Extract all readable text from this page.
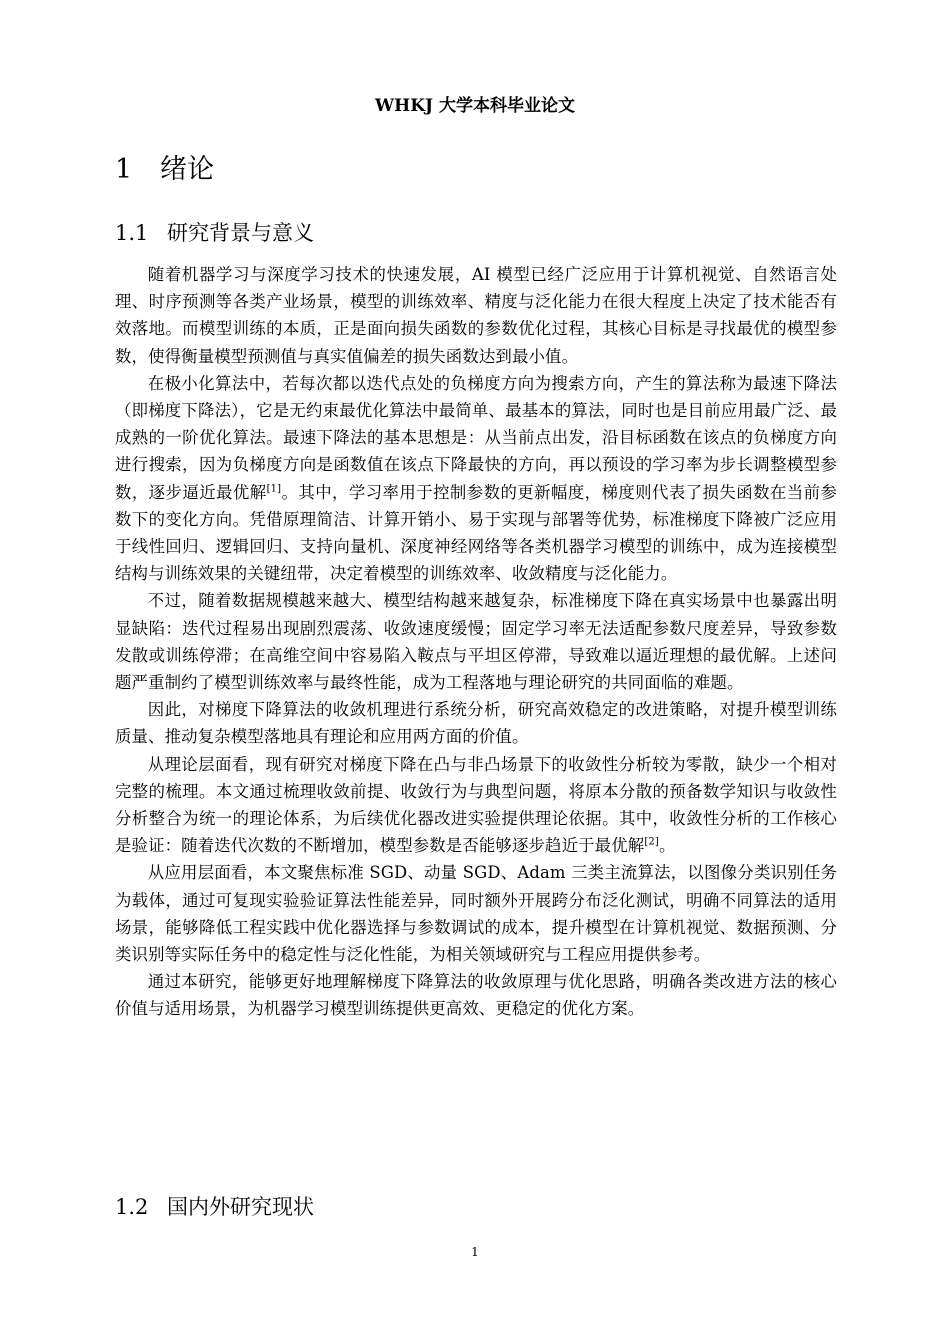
WHKJ 大学本科毕业论文
1 绪论
1.1 研究背景与意义

随着机器学习与深度学习技术的快速发展，AI 模型已经广泛应用于计算机视觉、自然语言处理、时序预测等各类产业场景，模型的训练效率、精度与泛化能力在很大程度上决定了技术能否有效落地。而模型训练的本质，正是面向损失函数的参数优化过程，其核心目标是寻找最优的模型参数，使得衡量模型预测值与真实值偏差的损失函数达到最小值。

在极小化算法中，若每次都以迭代点处的负梯度方向为搜索方向，产生的算法称为最速下降法（即梯度下降法），它是无约束最优化算法中最简单、最基本的算法，同时也是目前应用最广泛、最成熟的一阶优化算法。最速下降法的基本思想是：从当前点出发，沿目标函数在该点的负梯度方向进行搜索，因为负梯度方向是函数值在该点下降最快的方向，再以预设的学习率为步长调整模型参数，逐步逼近最优解[1]。其中，学习率用于控制参数的更新幅度，梯度则代表了损失函数在当前参数下的变化方向。凭借原理简洁、计算开销小、易于实现与部署等优势，标准梯度下降被广泛应用于线性回归、逻辑回归、支持向量机、深度神经网络等各类机器学习模型的训练中，成为连接模型结构与训练效果的关键纽带，决定着模型的训练效率、收敛精度与泛化能力。

不过，随着数据规模越来越大、模型结构越来越复杂，标准梯度下降在真实场景中也暴露出明显缺陷：迭代过程易出现剧烈震荡、收敛速度缓慢；固定学习率无法适配参数尺度差异，导致参数发散或训练停滞；在高维空间中容易陷入鞍点与平坦区停滞，导致难以逼近理想的最优解。上述问题严重制约了模型训练效率与最终性能，成为工程落地与理论研究的共同面临的难题。

因此，对梯度下降算法的收敛机理进行系统分析，研究高效稳定的改进策略，对提升模型训练质量、推动复杂模型落地具有理论和应用两方面的价值。

从理论层面看，现有研究对梯度下降在凸与非凸场景下的收敛性分析较为零散，缺少一个相对完整的梳理。本文通过梳理收敛前提、收敛行为与典型问题，将原本分散的预备数学知识与收敛性分析整合为统一的理论体系，为后续优化器改进实验提供理论依据。其中，收敛性分析的工作核心是验证：随着迭代次数的不断增加，模型参数是否能够逐步趋近于最优解[2]。

从应用层面看，本文聚焦标准 SGD、动量 SGD、Adam 三类主流算法，以图像分类识别任务为载体，通过可复现实验验证算法性能差异，同时额外开展跨分布泛化测试，明确不同算法的适用场景，能够降低工程实践中优化器选择与参数调试的成本，提升模型在计算机视觉、数据预测、分类识别等实际任务中的稳定性与泛化性能，为相关领域研究与工程应用提供参考。

通过本研究，能够更好地理解梯度下降算法的收敛原理与优化思路，明确各类改进方法的核心价值与适用场景，为机器学习模型训练提供更高效、更稳定的优化方案。

1.2 国内外研究现状
1
